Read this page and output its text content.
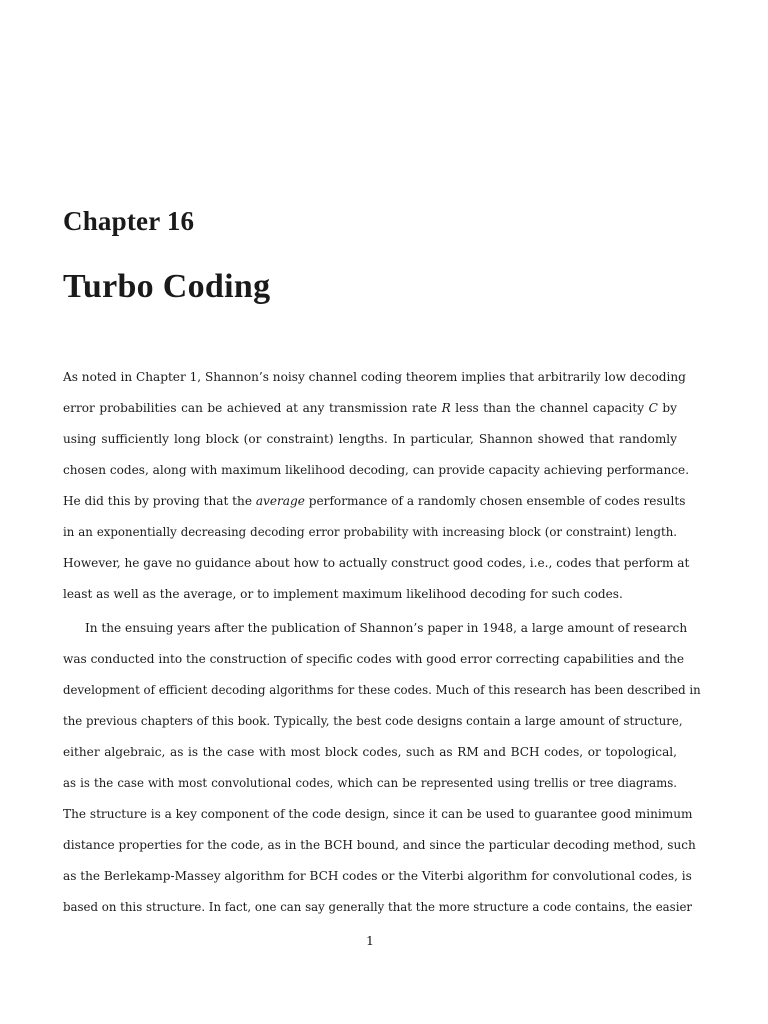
Chapter 16
Turbo Coding
As noted in Chapter 1, Shannon’s noisy channel coding theorem implies that arbitrarily low decoding
error probabilities can be achieved at any transmission rate R less than the channel capacity C by
using sufficiently long block (or constraint) lengths. In particular, Shannon showed that randomly
chosen codes, along with maximum likelihood decoding, can provide capacity achieving performance.
He did this by proving that the average performance of a randomly chosen ensemble of codes results
in an exponentially decreasing decoding error probability with increasing block (or constraint) length.
However, he gave no guidance about how to actually construct good codes, i.e., codes that perform at
least as well as the average, or to implement maximum likelihood decoding for such codes.
In the ensuing years after the publication of Shannon’s paper in 1948, a large amount of research
was conducted into the construction of specific codes with good error correcting capabilities and the
development of efficient decoding algorithms for these codes. Much of this research has been described in
the previous chapters of this book. Typically, the best code designs contain a large amount of structure,
either algebraic, as is the case with most block codes, such as RM and BCH codes, or topological,
as is the case with most convolutional codes, which can be represented using trellis or tree diagrams.
The structure is a key component of the code design, since it can be used to guarantee good minimum
distance properties for the code, as in the BCH bound, and since the particular decoding method, such
as the Berlekamp-Massey algorithm for BCH codes or the Viterbi algorithm for convolutional codes, is
based on this structure. In fact, one can say generally that the more structure a code contains, the easier
1
